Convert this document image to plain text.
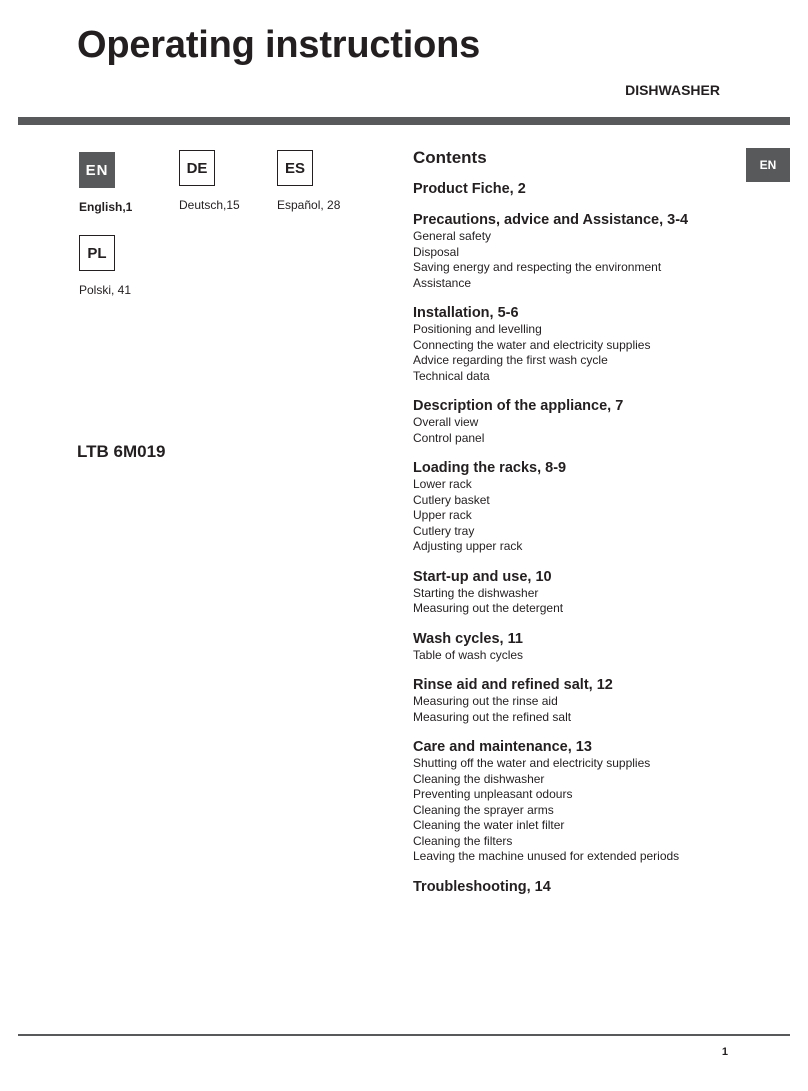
Operating instructions
DISHWASHER
EN
English,1
DE
Deutsch,15
ES
Español, 28
PL
Polski, 41
LTB 6M019
Contents
Product Fiche, 2
Precautions, advice and Assistance, 3-4
General safety
Disposal
Saving energy and respecting the environment
Assistance
Installation, 5-6
Positioning and levelling
Connecting the water and electricity supplies
Advice regarding the first wash cycle
Technical data
Description of the appliance, 7
Overall view
Control panel
Loading the racks, 8-9
Lower rack
Cutlery basket
Upper rack
Cutlery tray
Adjusting upper rack
Start-up and use, 10
Starting the dishwasher
Measuring out the detergent
Wash cycles, 11
Table of wash cycles
Rinse aid and refined salt, 12
Measuring out the rinse aid
Measuring out the refined salt
Care and maintenance, 13
Shutting off the water and electricity supplies
Cleaning the dishwasher
Preventing unpleasant odours
Cleaning the sprayer arms
Cleaning the water inlet filter
Cleaning the filters
Leaving the machine unused for extended periods
Troubleshooting, 14
EN
1
